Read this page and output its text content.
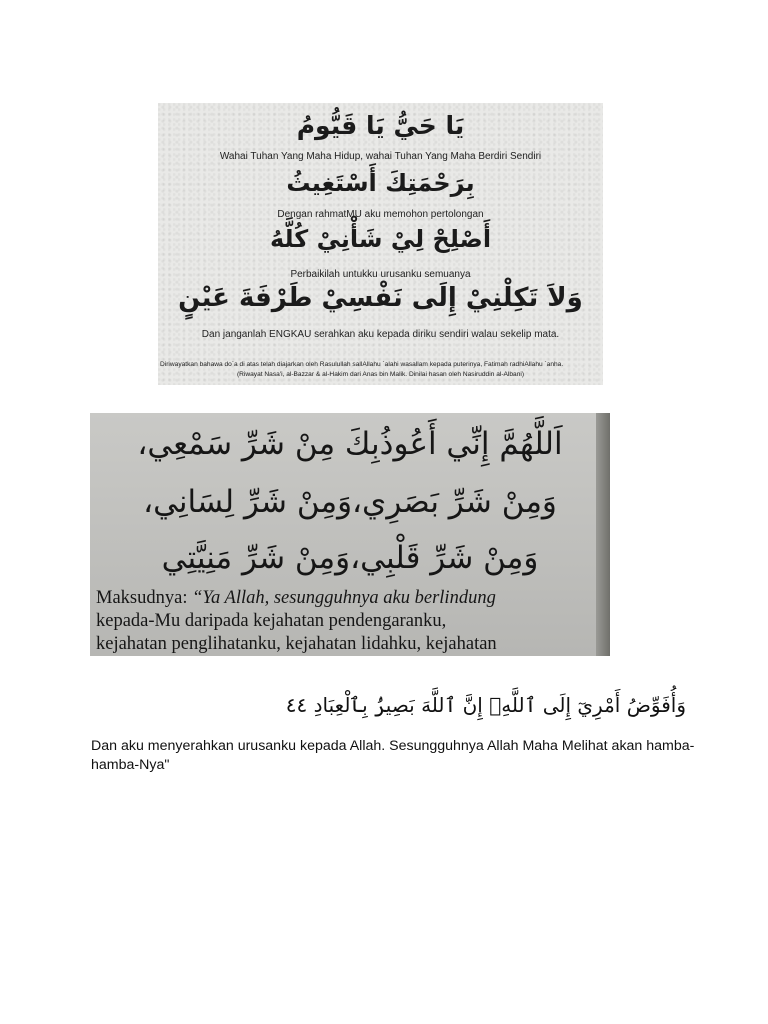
يَا حَيُّ يَا قَيُّومُ
Wahai Tuhan Yang Maha Hidup, wahai Tuhan Yang Maha Berdiri Sendiri
بِرَحْمَتِكَ أَسْتَغِيثُ
Dengan rahmatMU aku memohon pertolongan
أَصْلِحْ لِيْ شَأْنِيْ كُلَّهُ
Perbaikilah untukku urusanku semuanya
وَلاَ تَكِلْنِيْ إِلَى نَفْسِيْ طَرْفَةَ عَيْنٍ
Dan janganlah ENGKAU serahkan aku kepada diriku sendiri walau sekelip mata.
Diriwayatkan bahawa do`a di atas telah diajarkan oleh Rasulullah sallAllahu `alahi wasallam kepada puterinya, Fatimah radhiAllahu `anha.
(Riwayat Nasa'i, al-Bazzar & al-Hakim dari Anas bin Malik. Dinilai hasan oleh Nasiruddin al-Albani)
اَللَّهُمَّ إِنِّي أَعُوذُبِكَ مِنْ شَرِّ سَمْعِي،
وَمِنْ شَرِّ بَصَرِي،وَمِنْ شَرِّ لِسَانِي،
وَمِنْ شَرِّ قَلْبِي،وَمِنْ شَرِّ مَنِيَّتِي
Maksudnya: “Ya Allah, sesungguhnya aku berlindung
kepada-Mu daripada kejahatan pendengaranku,
kejahatan penglihatanku, kejahatan lidahku, kejahatan
وَأُفَوِّضُ أَمْرِيٓ إِلَى ٱللَّهِۚ إِنَّ ٱللَّهَ بَصِيرُۢ بِٱلْعِبَادِ ٤٤
Dan aku menyerahkan urusanku kepada Allah. Sesungguhnya Allah Maha Melihat akan hamba-hamba-Nya"
